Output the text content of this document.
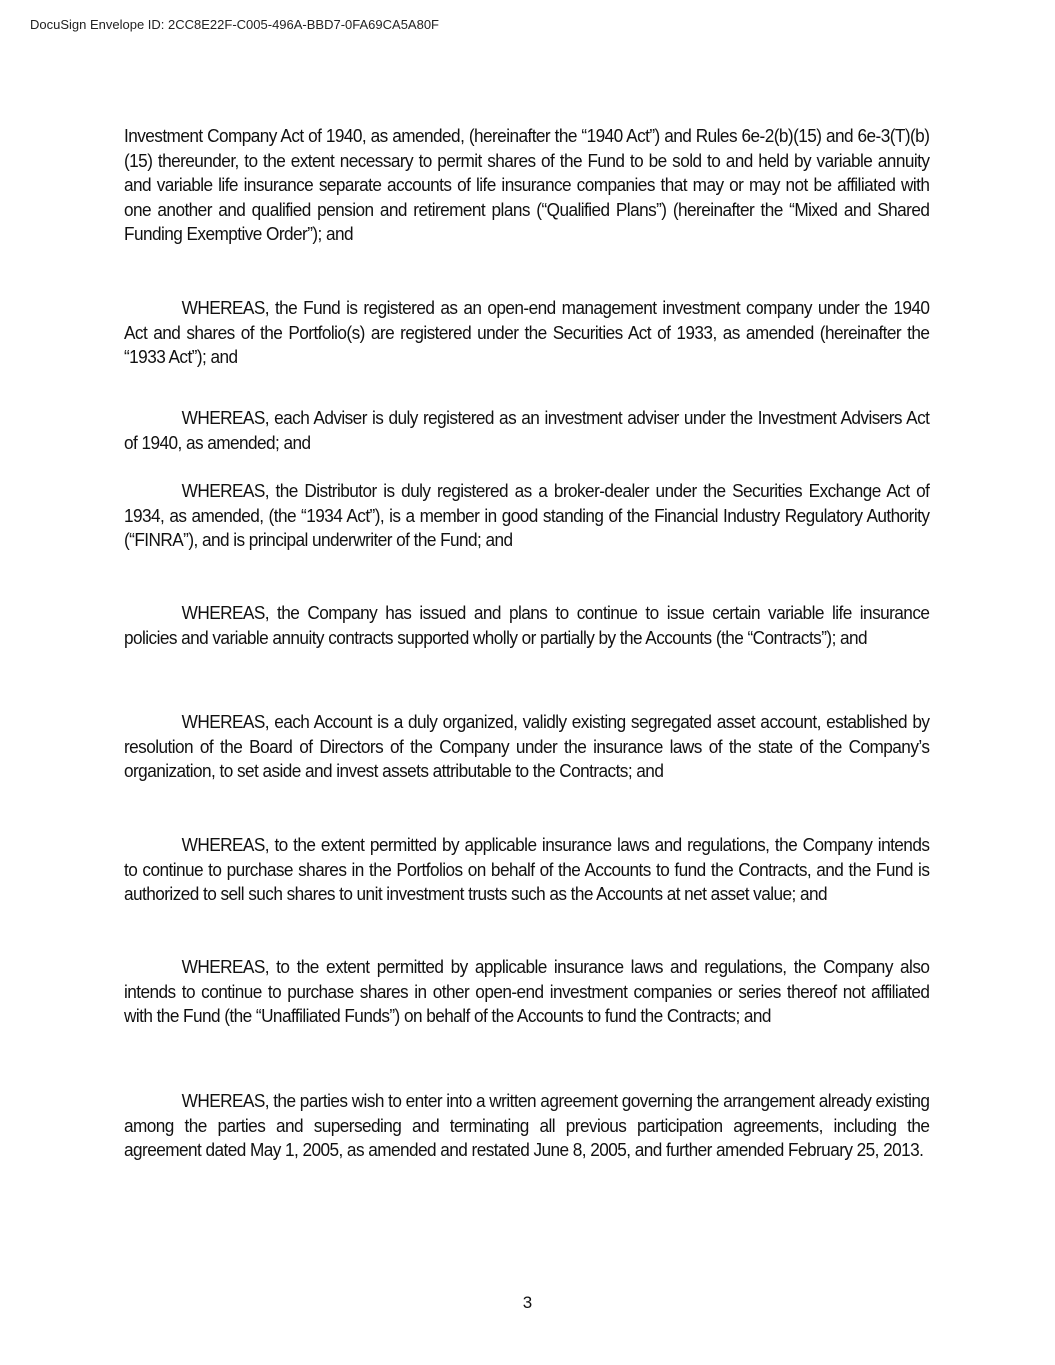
DocuSign Envelope ID: 2CC8E22F-C005-496A-BBD7-0FA69CA5A80F

Investment Company Act of 1940, as amended, (hereinafter the “1940 Act”) and Rules 6e-2(b)(15) and 6e-3(T)(b)(15) thereunder, to the extent necessary to permit shares of the Fund to be sold to and held by variable annuity and variable life insurance separate accounts of life insurance companies that may or may not be affiliated with one another and qualified pension and retirement plans (“Qualified Plans”) (hereinafter the “Mixed and Shared Funding Exemptive Order”); and

WHEREAS, the Fund is registered as an open-end management investment company under the 1940 Act and shares of the Portfolio(s) are registered under the Securities Act of 1933, as amended (hereinafter the “1933 Act”); and

WHEREAS, each Adviser is duly registered as an investment adviser under the Investment Advisers Act of 1940, as amended; and

WHEREAS, the Distributor is duly registered as a broker-dealer under the Securities Exchange Act of 1934, as amended, (the “1934 Act”), is a member in good standing of the Financial Industry Regulatory Authority (“FINRA”), and is principal underwriter of the Fund; and

WHEREAS, the Company has issued and plans to continue to issue certain variable life insurance policies and variable annuity contracts supported wholly or partially by the Accounts (the “Contracts”); and

WHEREAS, each Account is a duly organized, validly existing segregated asset account, established by resolution of the Board of Directors of the Company under the insurance laws of the state of the Company’s organization, to set aside and invest assets attributable to the Contracts; and

WHEREAS, to the extent permitted by applicable insurance laws and regulations, the Company intends to continue to purchase shares in the Portfolios on behalf of the Accounts to fund the Contracts, and the Fund is authorized to sell such shares to unit investment trusts such as the Accounts at net asset value; and

WHEREAS, to the extent permitted by applicable insurance laws and regulations, the Company also intends to continue to purchase shares in other open-end investment companies or series thereof not affiliated with the Fund (the “Unaffiliated Funds”) on behalf of the Accounts to fund the Contracts; and

WHEREAS, the parties wish to enter into a written agreement governing the arrangement already existing among the parties and superseding and terminating all previous participation agreements, including the agreement dated May 1, 2005, as amended and restated June 8, 2005, and further amended February 25, 2013.

3
